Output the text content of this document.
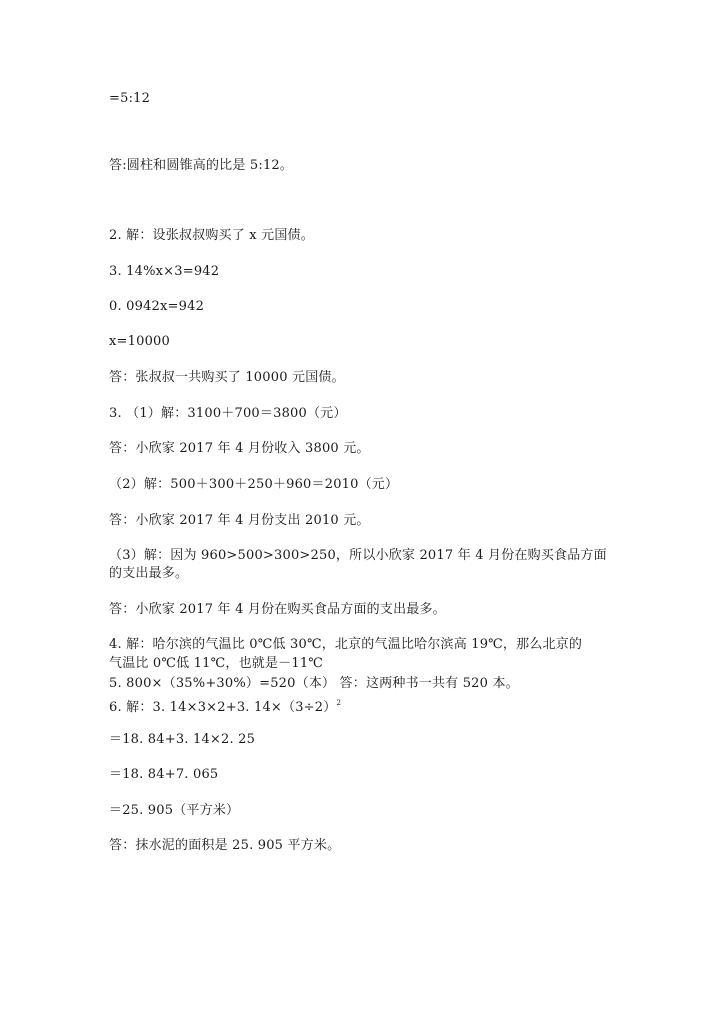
=5:12
答:圆柱和圆锥高的比是 5:12。
2. 解：设张叔叔购买了 x 元国债。
3. 14%x×3=942
0. 0942x=942
x=10000
答：张叔叔一共购买了 10000 元国债。
3. （1）解：3100＋700＝3800（元）
答：小欣家 2017 年 4 月份收入 3800 元。
（2）解：500＋300＋250＋960＝2010（元）
答：小欣家 2017 年 4 月份支出 2010 元。
（3）解：因为 960>500>300>250，所以小欣家 2017 年 4 月份在购买食品方面
的支出最多。
答：小欣家 2017 年 4 月份在购买食品方面的支出最多。
4. 解：哈尔滨的气温比 0℃低 30℃，北京的气温比哈尔滨高 19℃，那么北京的
气温比 0℃低 11℃，也就是－11℃
5. 800×（35%+30%）=520（本） 答：这两种书一共有 520 本。
6. 解：3. 14×3×2+3. $14\times(3\div 2)^2$
＝18. 84+3. 14×2. 25
＝18. 84+7. 065
＝25. 905（平方米）
答：抹水泥的面积是 25. 905 平方米。
